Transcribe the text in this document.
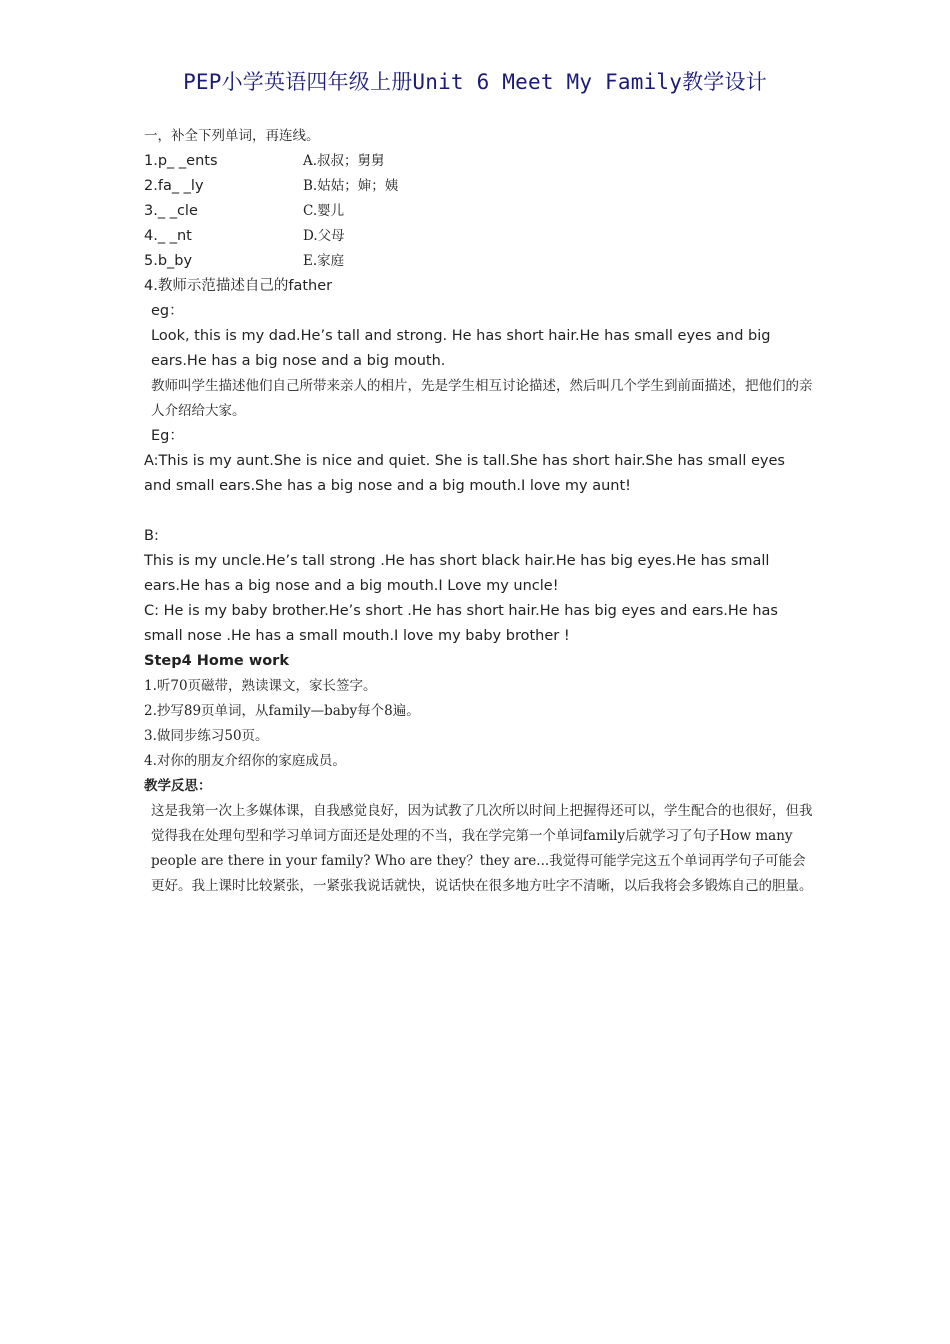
PEP小学英语四年级上册Unit 6 Meet My Family教学设计
一，补全下列单词，再连线。
1.p_ _ents	A.叔叔；舅舅
2.fa_ _ly	B.姑姑；婶；姨
3._ _cle	C.婴儿
4._ _nt	D.父母
5.b_by	E.家庭
4.教师示范描述自己的father
eg：
Look, this is my dad.He’s tall and strong. He has short hair.He has small eyes and big ears.He has a big nose and a big mouth.
教师叫学生描述他们自己所带来亲人的相片，先是学生相互讨论描述，然后叫几个学生到前面描述，把他们的亲人介绍给大家。
Eg：
A:This is my aunt.She is nice and quiet. She is tall.She has short hair.She has small eyes and small ears.She has a big nose and a big mouth.I love my aunt!
B:
This is my uncle.He’s tall strong .He has short black hair.He has big eyes.He has small ears.He has a big nose and a big mouth.I Love my uncle!
C: He is my baby brother.He’s short .He has short hair.He has big eyes and ears.He has small nose .He has a small mouth.I love my baby brother !
Step4 Home work
1.听70页磁带，熟读课文，家长签字。
2.抄写89页单词，从family—baby每个8遍。
3.做同步练习50页。
4.对你的朋友介绍你的家庭成员。
教学反思：
这是我第一次上多媒体课，自我感觉良好，因为试教了几次所以时间上把握得还可以，学生配合的也很好，但我觉得我在处理句型和学习单词方面还是处理的不当，我在学完第一个单词family后就学习了句子How many people are there in your family? Who are they？they are...我觉得可能学完这五个单词再学句子可能会更好。我上课时比较紧张，一紧张我说话就快，说话快在很多地方吐字不清晰，以后我将会多锻炼自己的胆量。
